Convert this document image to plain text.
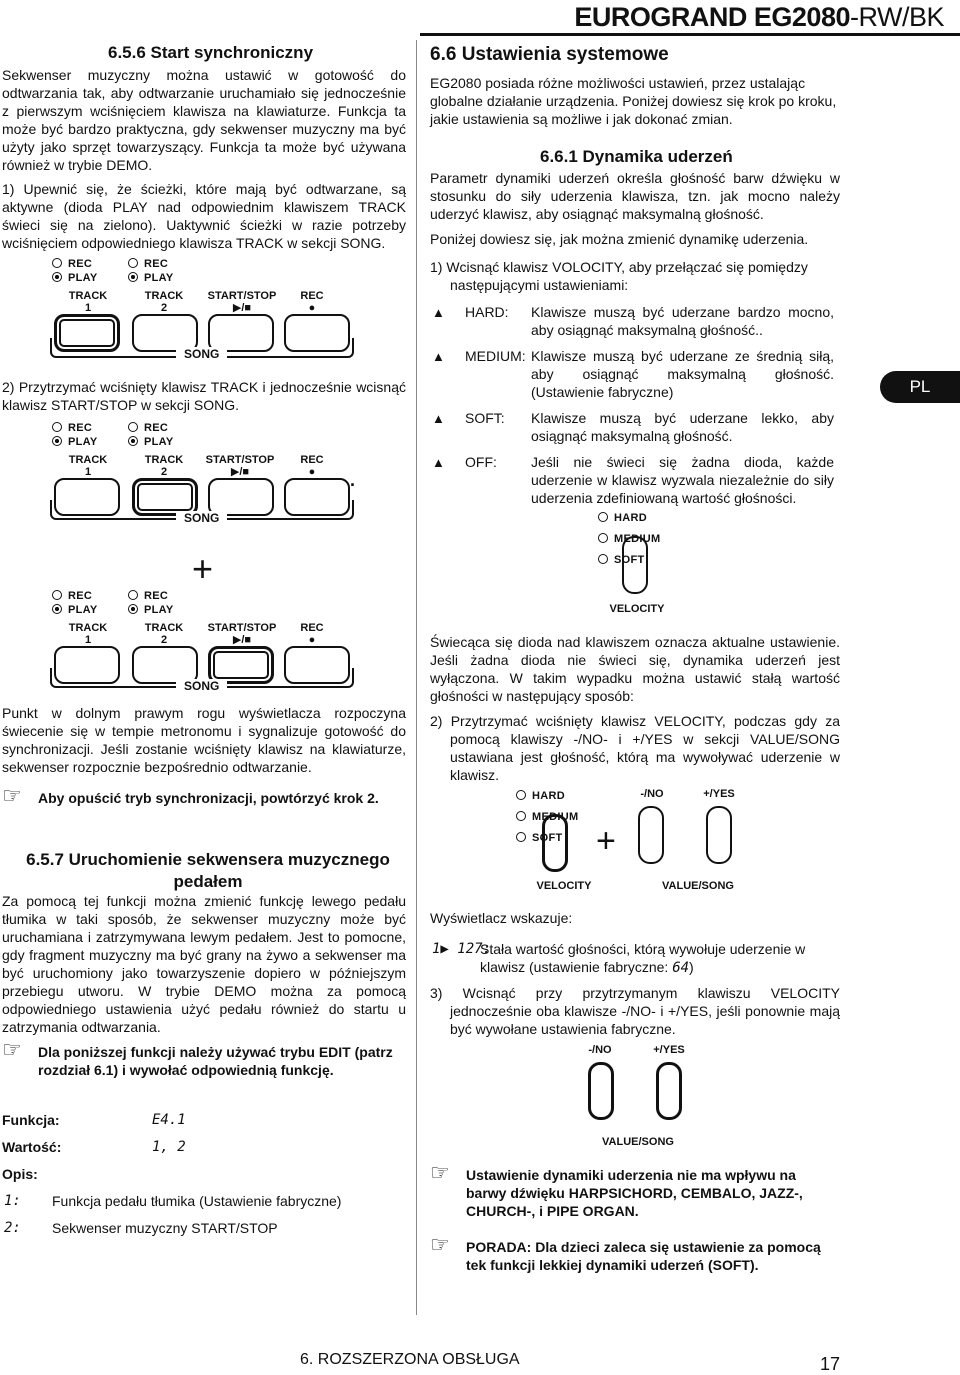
EUROGRAND EG2080-RW/BK
6.5.6 Start synchroniczny

Sekwenser muzyczny można ustawić w gotowość do odtwarzania tak, aby odtwarzanie uruchamiało się jednocześnie z pierwszym wciśnięciem klawisza na klawiaturze. Funkcja ta może być bardzo praktyczna, gdy sekwenser muzyczny ma być użyty jako sprzęt towarzyszący. Funkcja ta może być używana również w trybie DEMO.

1) Upewnić się, że ścieżki, które mają być odtwarzane, są aktywne (dioda PLAY nad odpowiednim klawiszem TRACK świeci się na zielono). Uaktywnić ścieżki w razie potrzeby wciśnięciem odpowiedniego klawisza TRACK w sekcji SONG.

REC	REC
PLAY	PLAY
TRACK
1
TRACK
2
START/STOP
▶/■
REC
●
SONG

2) Przytrzymać wciśnięty klawisz TRACK i jednocześnie wcisnąć klawisz START/STOP w sekcji SONG.

REC	REC
PLAY	PLAY
TRACK
1
TRACK
2
START/STOP
▶/■
REC
●
SONG
.
+
REC	REC
PLAY	PLAY
TRACK
1
TRACK
2
START/STOP
▶/■
REC
●
SONG

Punkt w dolnym prawym rogu wyświetlacza rozpoczyna świecenie się w tempie metronomu i sygnalizuje gotowość do synchronizacji. Jeśli zostanie wciśnięty klawisz na klawiaturze, sekwenser rozpocznie bezpośrednio odtwarzanie.

☞ Aby opuścić tryb synchronizacji, powtórzyć krok 2.
6.5.7 Uruchomienie sekwensera muzycznego pedałem

Za pomocą tej funkcji można zmienić funkcję lewego pedału tłumika w taki sposób, że sekwenser muzyczny może być uruchamiana i zatrzymywana lewym pedałem. Jest to pomocne, gdy fragment muzyczny ma być grany na żywo a sekwenser ma być uruchomiony jako towarzyszenie dopiero w późniejszym przebiegu utworu. W trybie DEMO można za pomocą odpowiedniego ustawienia użyć pedału również do startu u zatrzymania odtwarzania.

☞ Dla poniższej funkcji należy używać trybu EDIT (patrz rozdział 6.1) i wywołać odpowiednią funkcję.
Funkcja:	E4.1
Wartość:	1, 2
Opis:
1: Funkcja pedału tłumika (Ustawienie fabryczne)
2: Sekwenser muzyczny START/STOP
6.6 Ustawienia systemowe

EG2080 posiada różne możliwości ustawień, przez ustalając globalne działanie urządzenia. Poniżej dowiesz się krok po kroku, jakie ustawienia są możliwe i jak dokonać zmian.

6.6.1 Dynamika uderzeń

Parametr dynamiki uderzeń określa głośność barw dźwięku w stosunku do siły uderzenia klawisza, tzn. jak mocno należy uderzyć klawisz, aby osiągnąć maksymalną głośność.

Poniżej dowiesz się, jak można zmienić dynamikę uderzenia.

1) Wcisnąć klawisz VOLOCITY, aby przełączać się pomiędzy następującymi ustawieniami:

▲ HARD: Klawisze muszą być uderzane bardzo mocno, aby osiągnąć maksymalną głośność..
▲ MEDIUM: Klawisze muszą być uderzane ze średnią siłą, aby osiągnąć maksymalną głośność. (Ustawienie fabryczne)
▲ SOFT: Klawisze muszą być uderzane lekko, aby osiągnąć maksymalną głośność.
▲ OFF: Jeśli nie świeci się żadna dioda, każde uderzenie w klawisz wyzwala niezależnie do siły uderzenia zdefiniowaną wartość głośności.
PL
HARD
MEDIUM
SOFT
VELOCITY

Świecąca się dioda nad klawiszem oznacza aktualne ustawienie. Jeśli żadna dioda nie świeci się, dynamika uderzeń jest wyłączona. W takim wypadku można ustawić stałą wartość głośności w następujący sposób:

2) Przytrzymać wciśnięty klawisz VELOCITY, podczas gdy za pomocą klawiszy -/NO- i +/YES w sekcji VALUE/SONG ustawiana jest głośność, którą ma wywoływać uderzenie w klawisz.

HARD
MEDIUM
SOFT
VELOCITY
+
-/NO	+/YES
VALUE/SONG
Wyświetlacz wskazuje:
1▶ 127:
Stała wartość głośności, którą wywołuje uderzenie w klawisz (ustawienie fabryczne: 64)

3) Wcisnąć przy przytrzymanym klawiszu VELOCITY jednocześnie oba klawisze -/NO- i +/YES, jeśli ponownie mają być wywołane ustawienia fabryczne.

-/NO	+/YES
VALUE/SONG
☞ Ustawienie dynamiki uderzenia nie ma wpływu na barwy dźwięku HARPSICHORD, CEMBALO, JAZZ-, CHURCH-, i PIPE ORGAN.
☞ PORADA: Dla dzieci zaleca się ustawienie za pomocą tek funkcji lekkiej dynamiki uderzeń (SOFT).
6. ROZSZERZONA OBSŁUGA	17
